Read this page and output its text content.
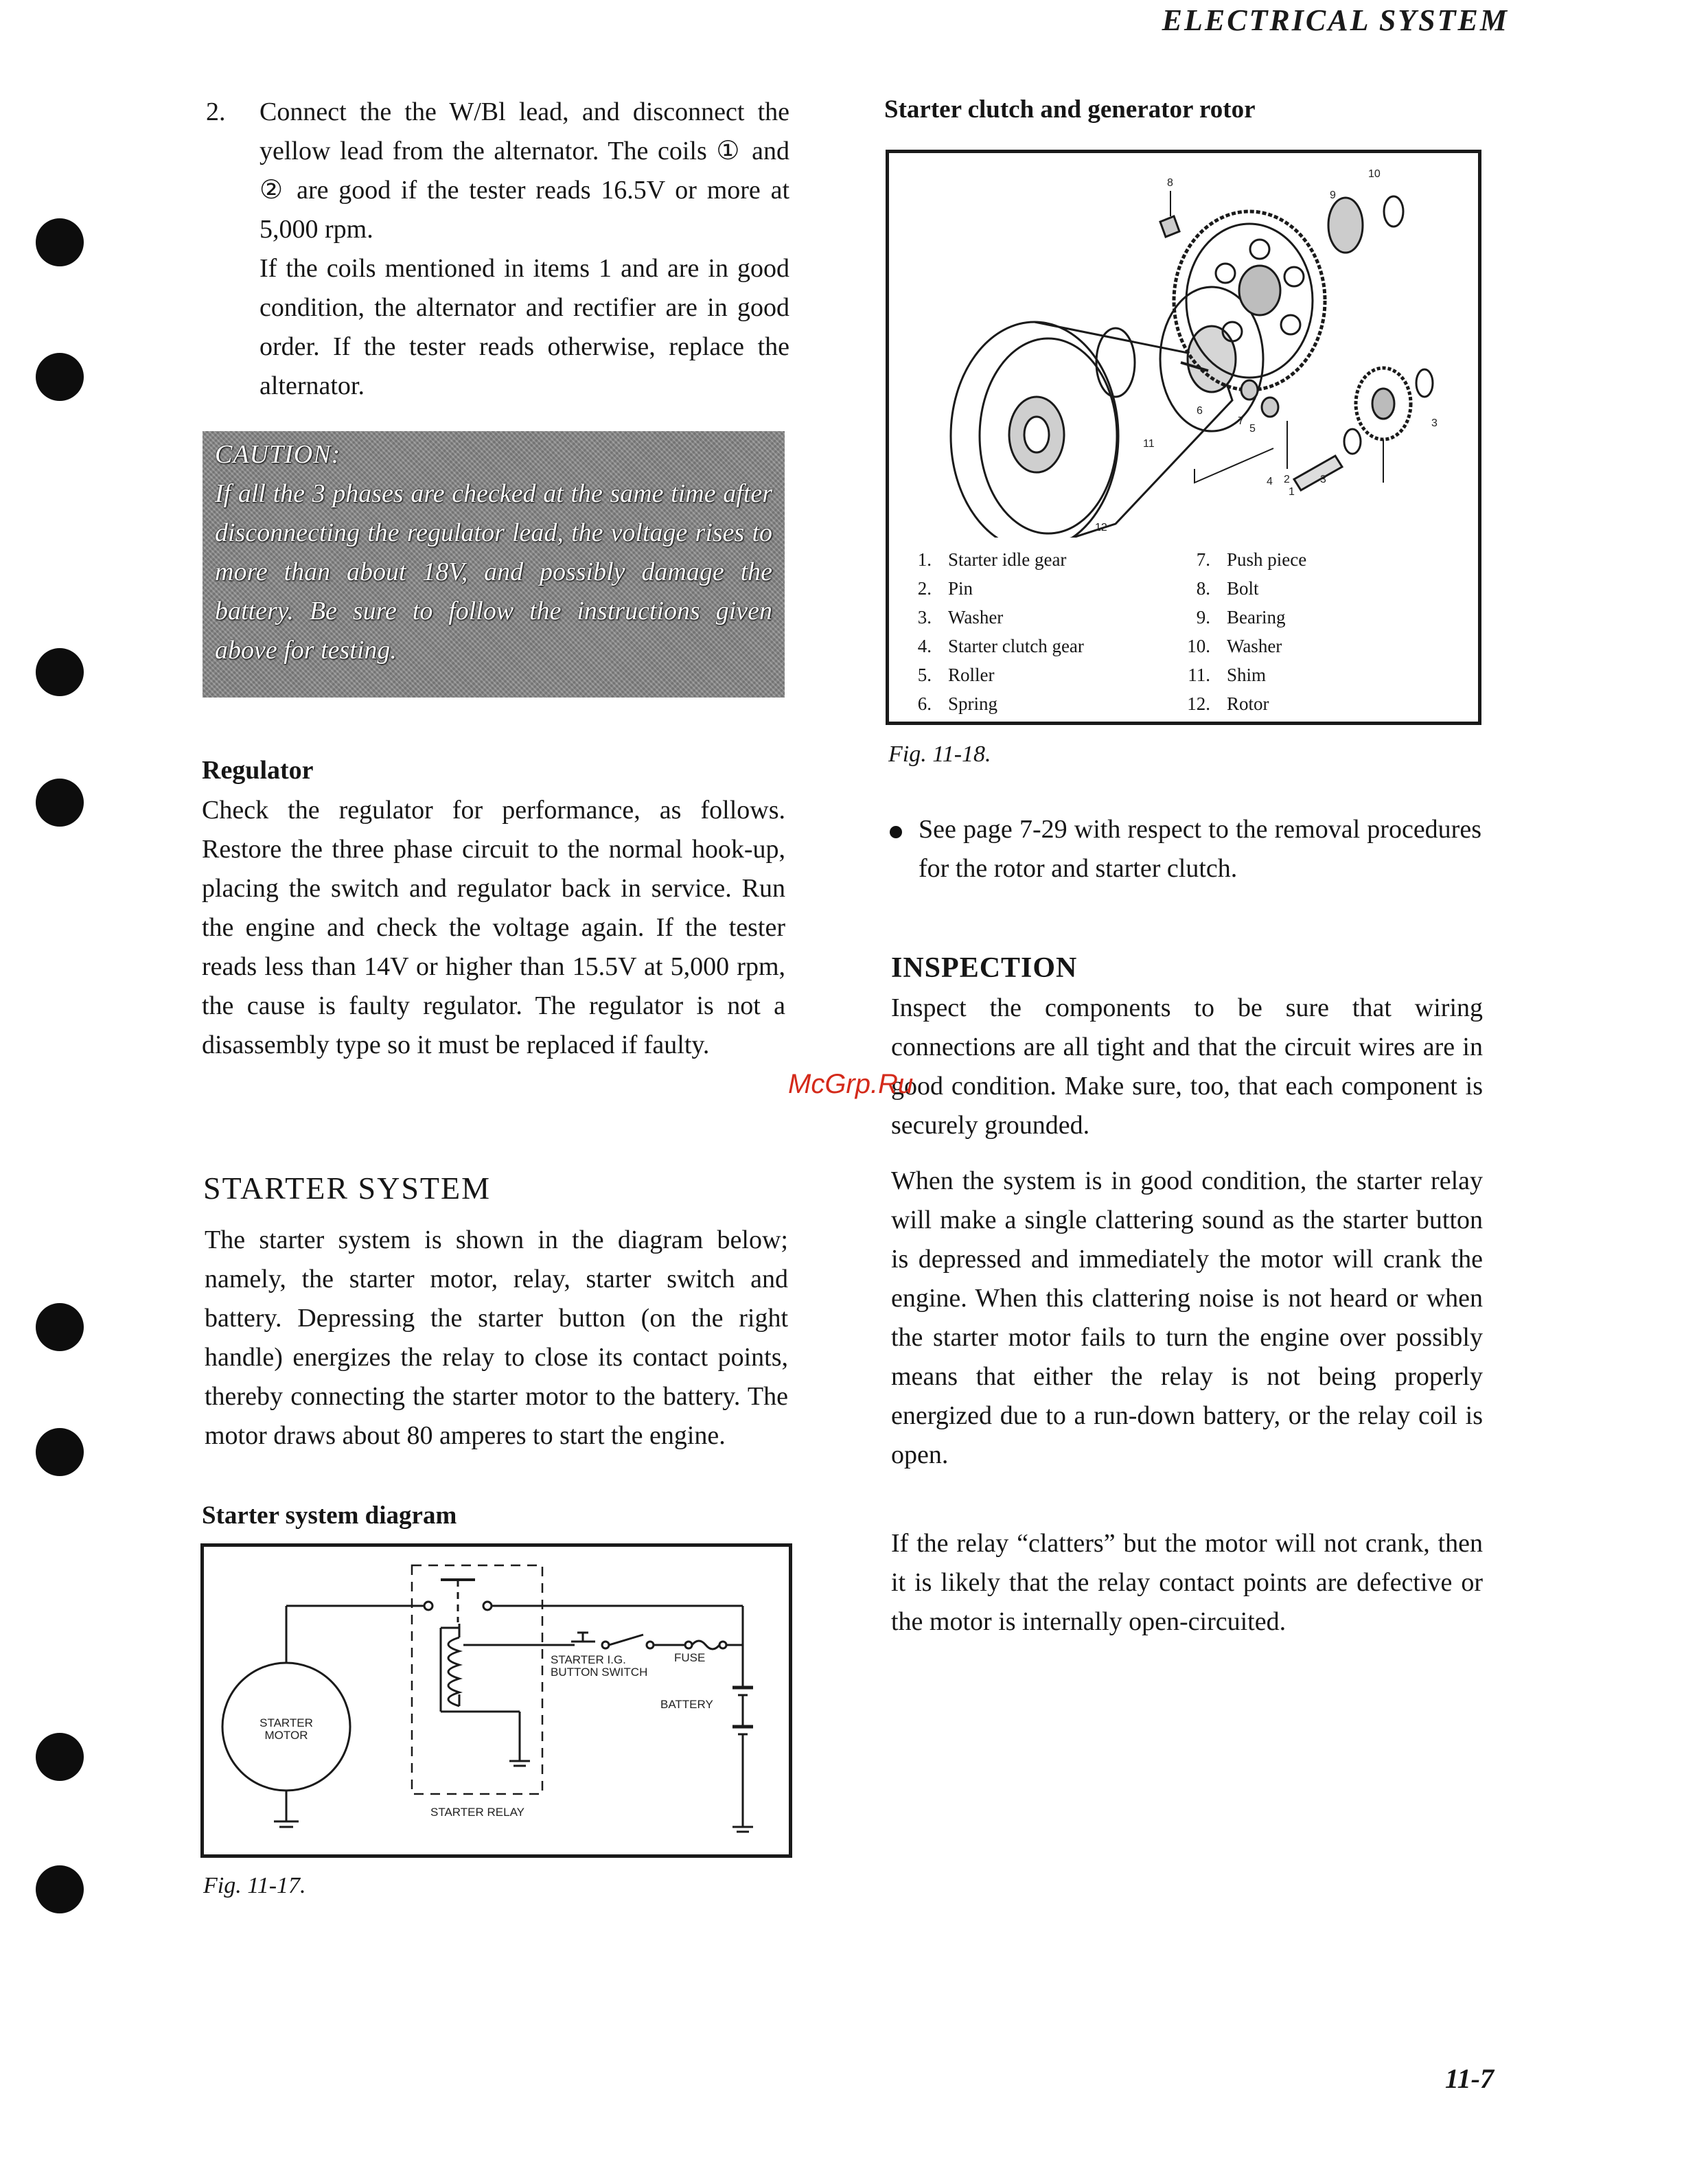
ELECTRICAL SYSTEM
2. Connect the the W/Bl lead, and disconnect the yellow lead from the alternator. The coils ① and ② are good if the tester reads 16.5V or more at 5,000 rpm.
If the coils mentioned in items 1 and are in good condition, the alternator and rectifier are in good order. If the tester reads otherwise, replace the alternator.
CAUTION:
If all the 3 phases are checked at the same time after disconnecting the regulator lead, the voltage rises to more than about 18V, and possibly damage the battery. Be sure to follow the instructions given above for testing.
Regulator
Check the regulator for performance, as follows. Restore the three phase circuit to the normal hook-up, placing the switch and regulator back in service. Run the engine and check the voltage again. If the tester reads less than 14V or higher than 15.5V at 5,000 rpm, the cause is faulty regulator. The regulator is not a disassembly type so it must be replaced if faulty.
STARTER SYSTEM
The starter system is shown in the diagram below; namely, the starter motor, relay, starter switch and battery. Depressing the starter button (on the right handle) energizes the relay to close its contact points, thereby connecting the starter motor to the battery. The motor draws about 80 amperes to start the engine.
Starter system diagram
STARTER
MOTOR
STARTER I.G.
BUTTON SWITCH
FUSE
BATTERY
STARTER RELAY
Fig. 11-17.
Starter clutch and generator rotor
1
2	3
4
5
6
7
8
9
10
11
12
3
1.	Starter idle gear	7.	Push piece
2.	Pin	8.	Bolt
3.	Washer	9.	Bearing
4.	Starter clutch gear	10.	Washer
5.	Roller	11.	Shim
6.	Spring	12.	Rotor
Fig. 11-18.
See page 7-29 with respect to the removal procedures for the rotor and starter clutch.
INSPECTION
Inspect the components to be sure that wiring connections are all tight and that the circuit wires are in good condition. Make sure, too, that each component is securely grounded.
When the system is in good condition, the starter relay will make a single clattering sound as the starter button is depressed and immediately the motor will crank the engine. When this clattering noise is not heard or when the starter motor fails to turn the engine over possibly means that either the relay is not being properly energized due to a run-down battery, or the relay coil is open.
If the relay “clatters” but the motor will not crank, then it is likely that the relay contact points are defective or the motor is internally open-circuited.
McGrp.Ru
11-7
